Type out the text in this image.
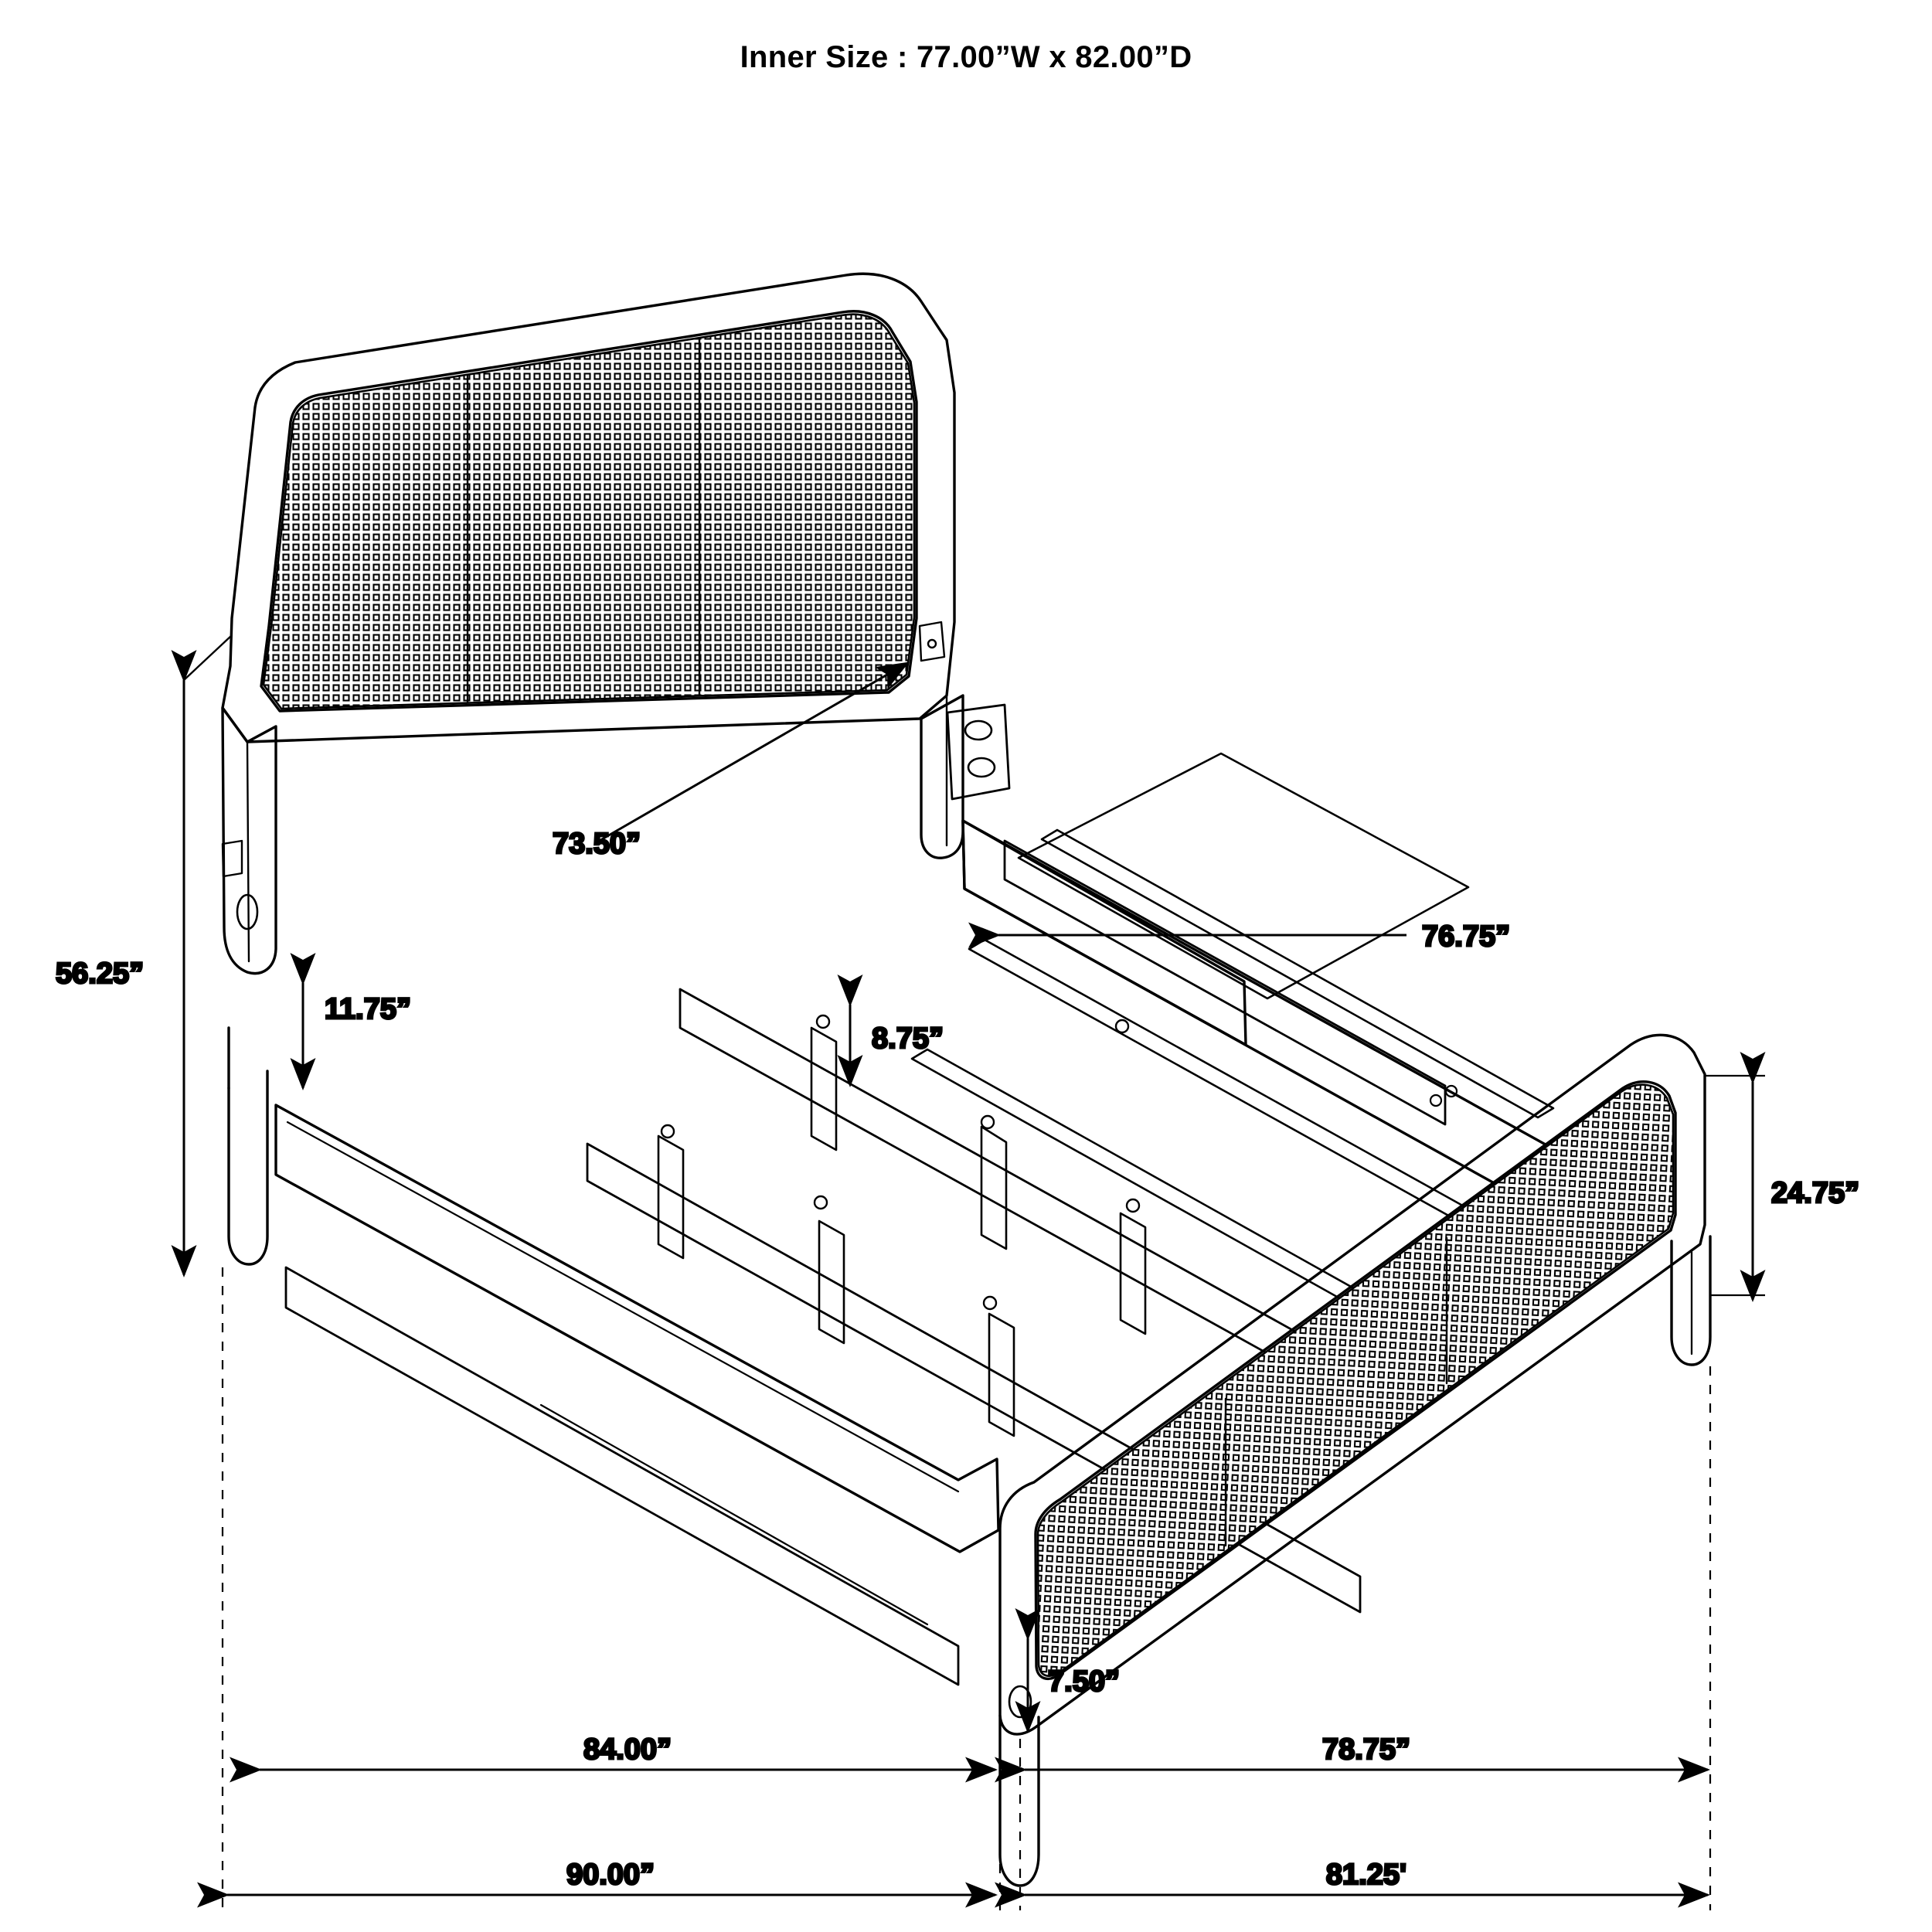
Inner Size : 77.00”W x 82.00”D
56.25”
73.50”
11.75”
8.75”
76.75”
24.75”
7.50”
84.00”	78.75”
90.00”	81.25'
